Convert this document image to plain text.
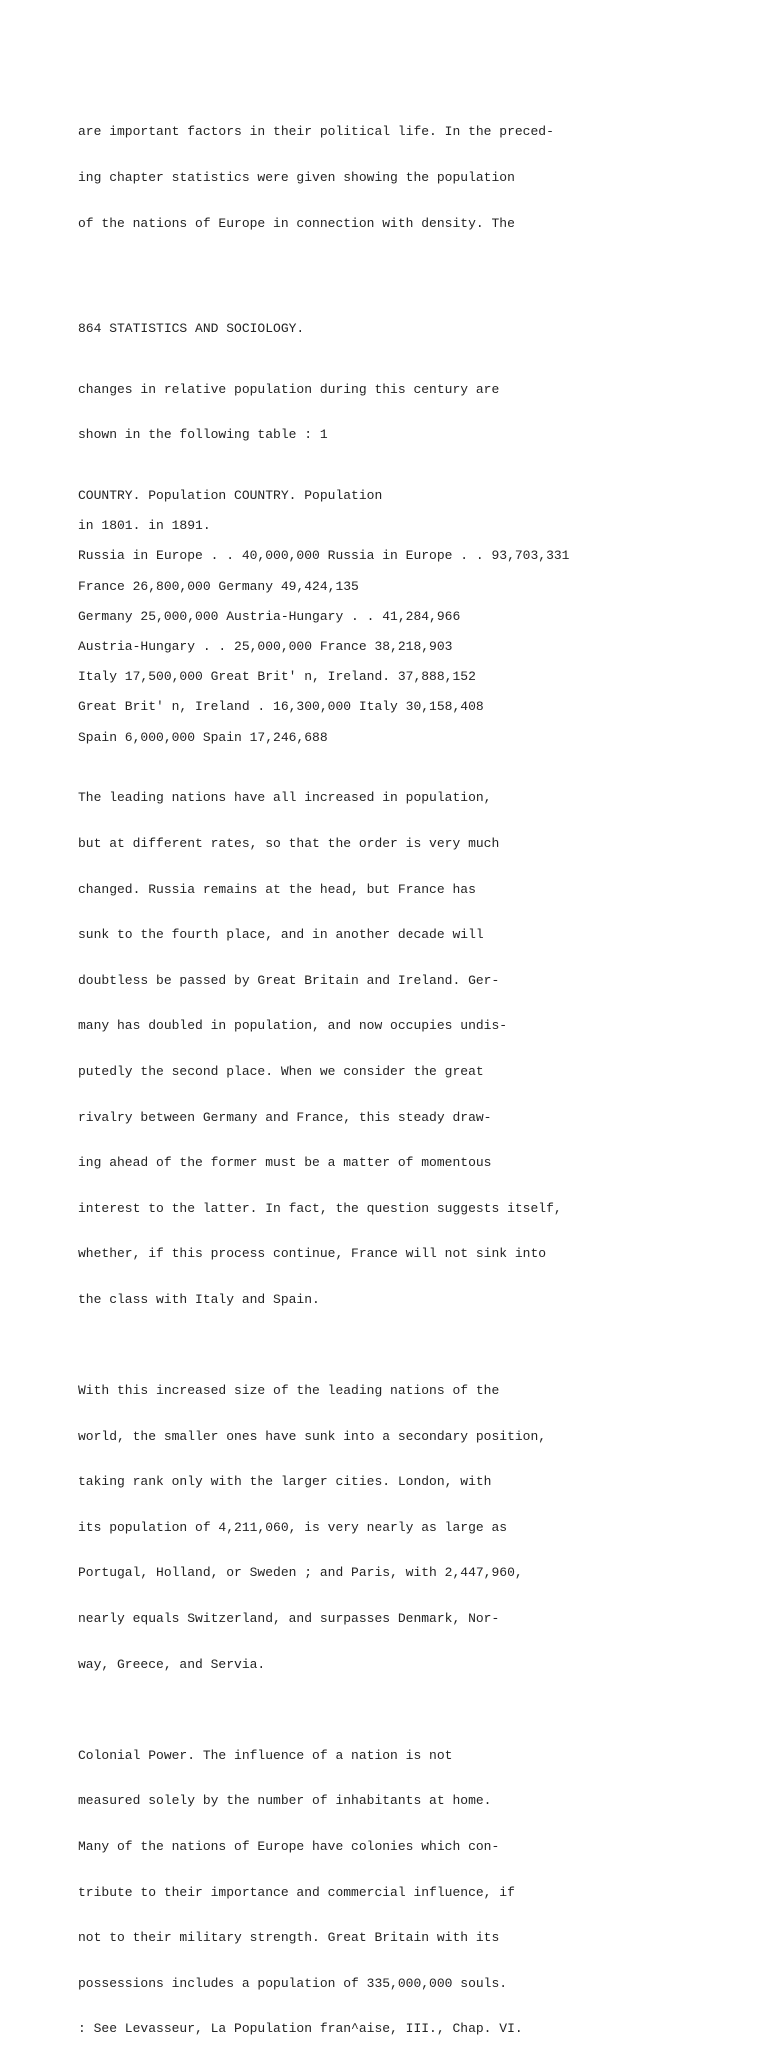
are important factors in their political life. In the preced-

ing chapter statistics were given showing the population

of the nations of Europe in connection with density. The

864 STATISTICS AND SOCIOLOGY.

changes in relative population during this century are

shown in the following table : 1

COUNTRY. Population COUNTRY. Population
in 1801. in 1891.
Russia in Europe . . 40,000,000 Russia in Europe . . 93,703,331
France 26,800,000 Germany 49,424,135
Germany 25,000,000 Austria-Hungary . . 41,284,966
Austria-Hungary . . 25,000,000 France 38,218,903
Italy 17,500,000 Great Brit' n, Ireland. 37,888,152
Great Brit' n, Ireland . 16,300,000 Italy 30,158,408
Spain 6,000,000 Spain 17,246,688

The leading nations have all increased in population,

but at different rates, so that the order is very much

changed. Russia remains at the head, but France has

sunk to the fourth place, and in another decade will

doubtless be passed by Great Britain and Ireland. Ger-

many has doubled in population, and now occupies undis-

putedly the second place. When we consider the great

rivalry between Germany and France, this steady draw-

ing ahead of the former must be a matter of momentous

interest to the latter. In fact, the question suggests itself,

whether, if this process continue, France will not sink into

the class with Italy and Spain.

With this increased size of the leading nations of the

world, the smaller ones have sunk into a secondary position,

taking rank only with the larger cities. London, with

its population of 4,211,060, is very nearly as large as

Portugal, Holland, or Sweden ; and Paris, with 2,447,960,

nearly equals Switzerland, and surpasses Denmark, Nor-

way, Greece, and Servia.

Colonial Power. The influence of a nation is not

measured solely by the number of inhabitants at home.

Many of the nations of Europe have colonies which con-

tribute to their importance and commercial influence, if

not to their military strength. Great Britain with its

possessions includes a population of 335,000,000 souls.

: See Levasseur, La Population fran^aise, III., Chap. VI.
